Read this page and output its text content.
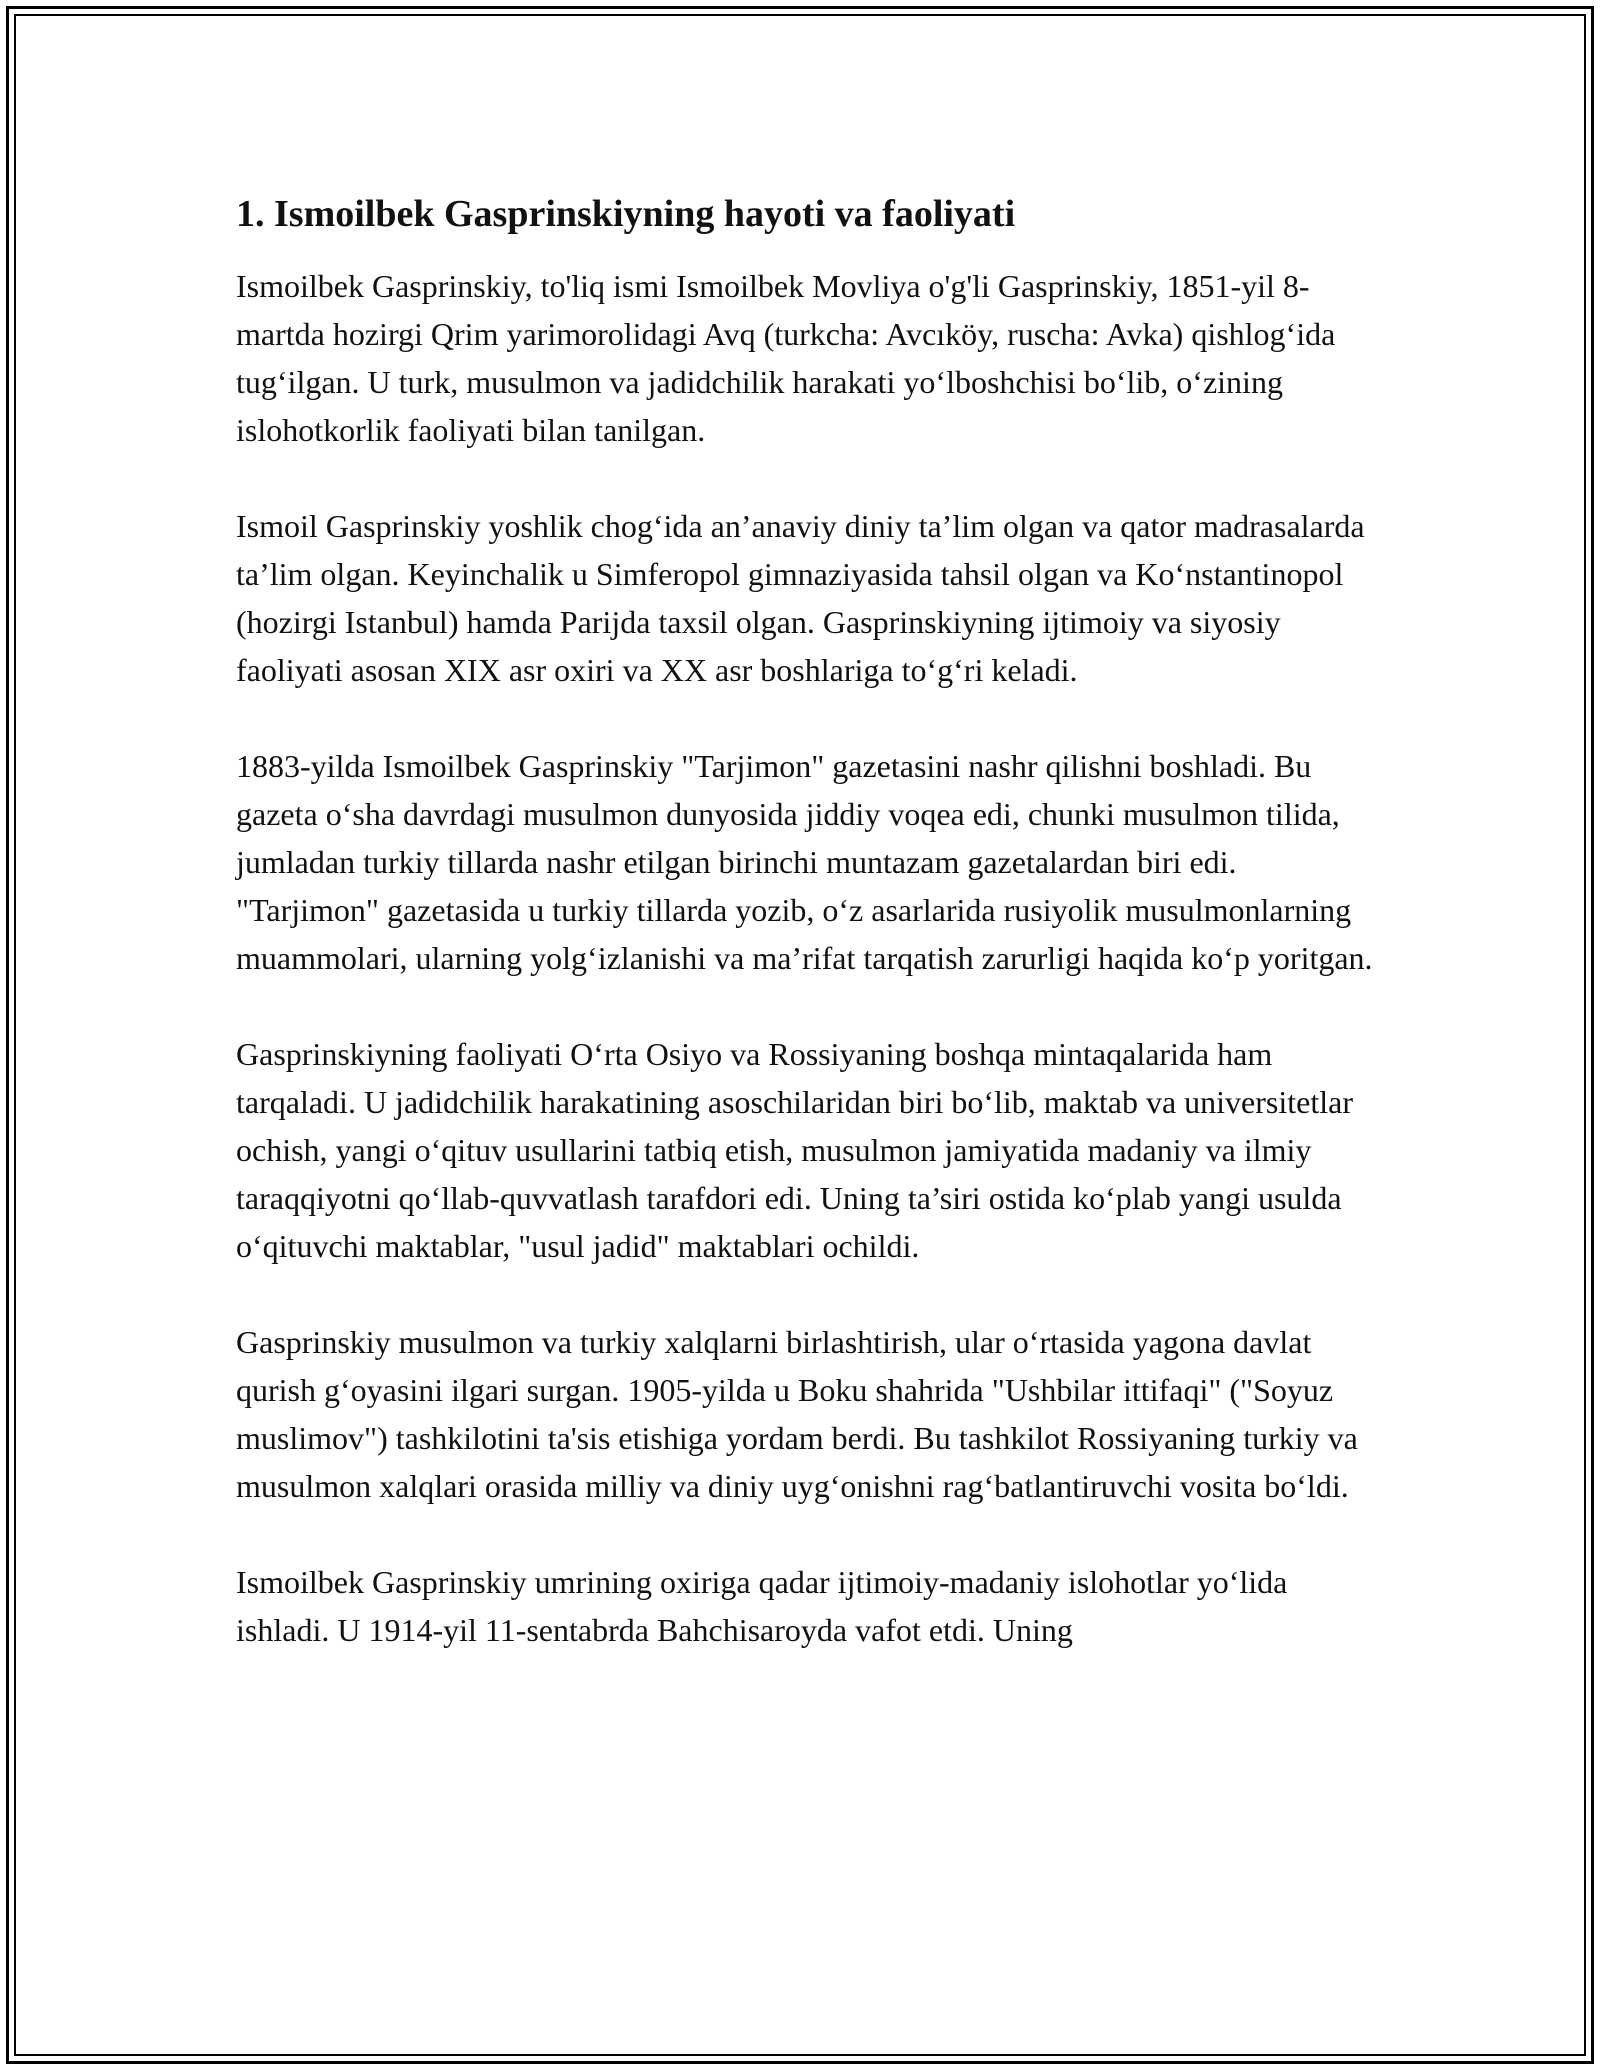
1. Ismoilbek Gasprinskiyning hayoti va faoliyati

Ismoilbek Gasprinskiy, to'liq ismi Ismoilbek Movliya o'g'li Gasprinskiy, 1851-yil 8-martda hozirgi Qrim yarimorolidagi Avq (turkcha: Avcıköy, ruscha: Avka) qishlog‘ida tug‘ilgan. U turk, musulmon va jadidchilik harakati yo‘lboshchisi bo‘lib, o‘zining islohotkorlik faoliyati bilan tanilgan.

Ismoil Gasprinskiy yoshlik chog‘ida an’anaviy diniy ta’lim olgan va qator madrasalarda ta’lim olgan. Keyinchalik u Simferopol gimnaziyasida tahsil olgan va Ko‘nstantinopol (hozirgi Istanbul) hamda Parijda taxsil olgan. Gasprinskiyning ijtimoiy va siyosiy faoliyati asosan XIX asr oxiri va XX asr boshlariga to‘g‘ri keladi.

1883-yilda Ismoilbek Gasprinskiy "Tarjimon" gazetasini nashr qilishni boshladi. Bu gazeta o‘sha davrdagi musulmon dunyosida jiddiy voqea edi, chunki musulmon tilida, jumladan turkiy tillarda nashr etilgan birinchi muntazam gazetalardan biri edi. "Tarjimon" gazetasida u turkiy tillarda yozib, o‘z asarlarida rusiyolik musulmonlarning muammolari, ularning yolg‘izlanishi va ma’rifat tarqatish zarurligi haqida ko‘p yoritgan.

Gasprinskiyning faoliyati O‘rta Osiyo va Rossiyaning boshqa mintaqalarida ham tarqaladi. U jadidchilik harakatining asoschilaridan biri bo‘lib, maktab va universitetlar ochish, yangi o‘qituv usullarini tatbiq etish, musulmon jamiyatida madaniy va ilmiy taraqqiyotni qo‘llab-quvvatlash tarafdori edi. Uning ta’siri ostida ko‘plab yangi usulda o‘qituvchi maktablar, "usul jadid" maktablari ochildi.

Gasprinskiy musulmon va turkiy xalqlarni birlashtirish, ular o‘rtasida yagona davlat qurish g‘oyasini ilgari surgan. 1905-yilda u Boku shahrida "Ushbilar ittifaqi" ("Soyuz muslimov") tashkilotini ta'sis etishiga yordam berdi. Bu tashkilot Rossiyaning turkiy va musulmon xalqlari orasida milliy va diniy uyg‘onishni rag‘batlantiruvchi vosita bo‘ldi.

Ismoilbek Gasprinskiy umrining oxiriga qadar ijtimoiy-madaniy islohotlar yo‘lida ishladi. U 1914-yil 11-sentabrda Bahchisaroyda vafot etdi. Uning
